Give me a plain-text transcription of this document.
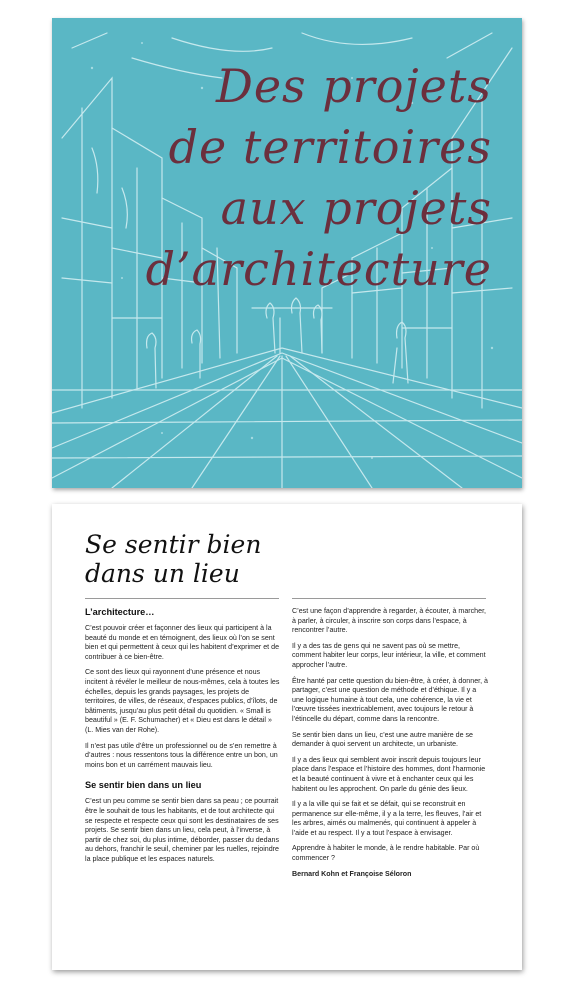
Des projets
de territoires
aux projets
d’architecture
Se sentir bien
dans un lieu
L’architecture…

C’est pouvoir créer et façonner des lieux qui participent à la beauté du monde et en témoignent, des lieux où l’on se sent bien et qui permettent à ceux qui les habitent d’exprimer et de contribuer à ce bien-être.

Ce sont des lieux qui rayonnent d’une présence et nous incitent à révéler le meilleur de nous-mêmes, cela à toutes les échelles, depuis les grands paysages, les projets de territoires, de villes, de réseaux, d’espaces publics, d’îlots, de bâtiments, jusqu’au plus petit détail du quotidien. « Small is beautiful » (E. F. Schumacher) et « Dieu est dans le détail » (L. Mies van der Rohe).

Il n’est pas utile d’être un professionnel ou de s’en remettre à d’autres : nous ressentons tous la différence entre un bon, un moins bon et un carrément mauvais lieu.

Se sentir bien dans un lieu

C’est un peu comme se sentir bien dans sa peau ; ce pourrait être le souhait de tous les habitants, et de tout architecte qui se respecte et respecte ceux qui sont les destinataires de ses projets. Se sentir bien dans un lieu, cela peut, à l’inverse, à partir de chez soi, du plus intime, déborder, passer du dedans au dehors, franchir le seuil, cheminer par les ruelles, rejoindre la place publique et les espaces naturels.

C’est une façon d’apprendre à regarder, à écouter, à marcher, à parler, à circuler, à inscrire son corps dans l’espace, à rencontrer l’autre.

Il y a des tas de gens qui ne savent pas où se mettre, comment habiter leur corps, leur intérieur, la ville, et comment approcher l’autre.

Être hanté par cette question du bien-être, à créer, à donner, à partager, c’est une question de méthode et d’éthique. Il y a une logique humaine à tout cela, une cohérence, la vie et l’œuvre tissées inextricablement, avec toujours le retour à l’étincelle du départ, comme dans la rencontre.

Se sentir bien dans un lieu, c’est une autre manière de se demander à quoi servent un architecte, un urbaniste.

Il y a des lieux qui semblent avoir inscrit depuis toujours leur place dans l’espace et l’histoire des hommes, dont l’harmonie et la beauté continuent à vivre et à enchanter ceux qui les habitent ou les approchent. On parle du génie des lieux.

Il y a la ville qui se fait et se défait, qui se reconstruit en permanence sur elle-même, il y a la terre, les fleuves, l’air et les arbres, aimés ou malmenés, qui continuent à appeler à l’aide et au respect. Il y a tout l’espace à envisager.

Apprendre à habiter le monde, à le rendre habitable. Par où commencer ?

Bernard Kohn et Françoise Séloron
